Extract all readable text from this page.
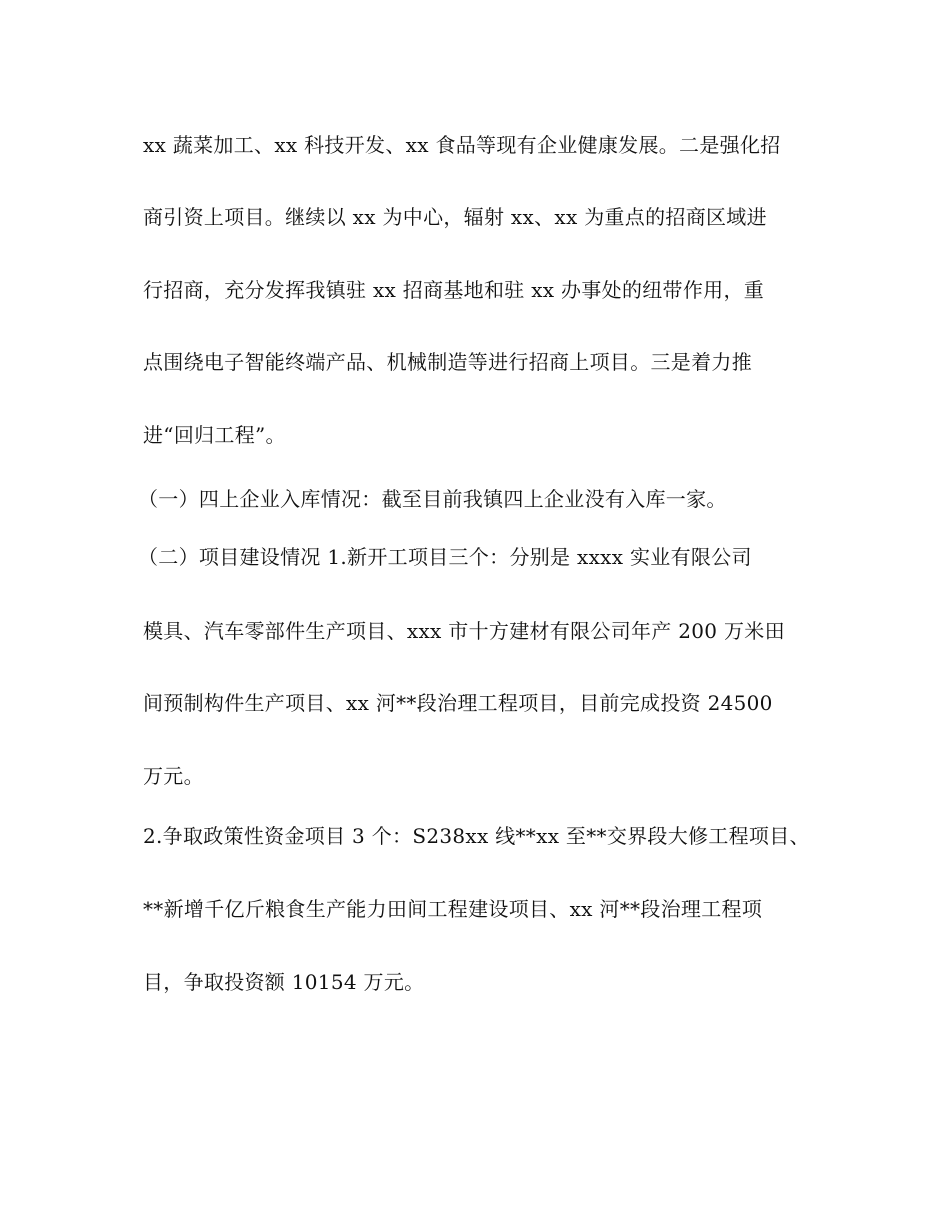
xx 蔬菜加工、xx 科技开发、xx 食品等现有企业健康发展。二是强化招
商引资上项目。继续以 xx 为中心，辐射 xx、xx 为重点的招商区域进
行招商，充分发挥我镇驻 xx 招商基地和驻 xx 办事处的纽带作用，重
点围绕电子智能终端产品、机械制造等进行招商上项目。三是着力推
进“回归工程”。
（一）四上企业入库情况：截至目前我镇四上企业没有入库一家。
（二）项目建设情况 1.新开工项目三个：分别是 xxxx 实业有限公司
模具、汽车零部件生产项目、xxx 市十方建材有限公司年产 200 万米田
间预制构件生产项目、xx 河**段治理工程项目，目前完成投资 24500
万元。
2.争取政策性资金项目 3 个：S238xx 线**xx 至**交界段大修工程项目、
**新增千亿斤粮食生产能力田间工程建设项目、xx 河**段治理工程项
目，争取投资额 10154 万元。
